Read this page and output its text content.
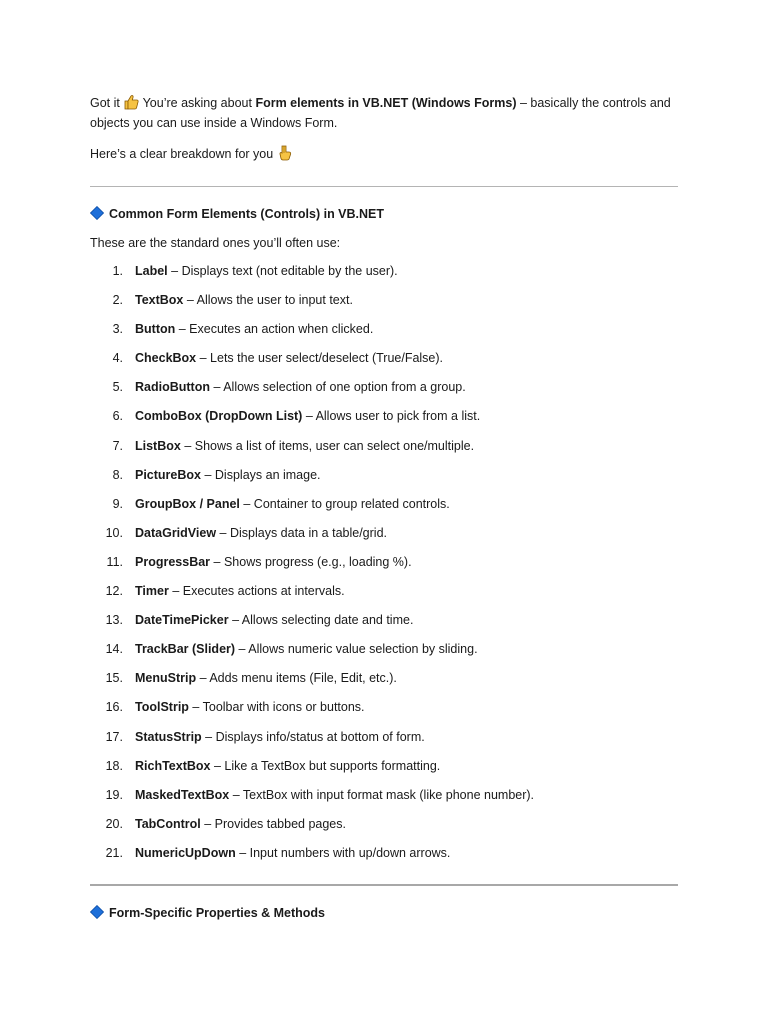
Got it You’re asking about Form elements in VB.NET (Windows Forms) – basically the controls and objects you can use inside a Windows Form.
Here’s a clear breakdown for you
Common Form Elements (Controls) in VB.NET
These are the standard ones you’ll often use:
1. Label – Displays text (not editable by the user).
2. TextBox – Allows the user to input text.
3. Button – Executes an action when clicked.
4. CheckBox – Lets the user select/deselect (True/False).
5. RadioButton – Allows selection of one option from a group.
6. ComboBox (DropDown List) – Allows user to pick from a list.
7. ListBox – Shows a list of items, user can select one/multiple.
8. PictureBox – Displays an image.
9. GroupBox / Panel – Container to group related controls.
10. DataGridView – Displays data in a table/grid.
11. ProgressBar – Shows progress (e.g., loading %).
12. Timer – Executes actions at intervals.
13. DateTimePicker – Allows selecting date and time.
14. TrackBar (Slider) – Allows numeric value selection by sliding.
15. MenuStrip – Adds menu items (File, Edit, etc.).
16. ToolStrip – Toolbar with icons or buttons.
17. StatusStrip – Displays info/status at bottom of form.
18. RichTextBox – Like a TextBox but supports formatting.
19. MaskedTextBox – TextBox with input format mask (like phone number).
20. TabControl – Provides tabbed pages.
21. NumericUpDown – Input numbers with up/down arrows.
Form-Specific Properties & Methods
